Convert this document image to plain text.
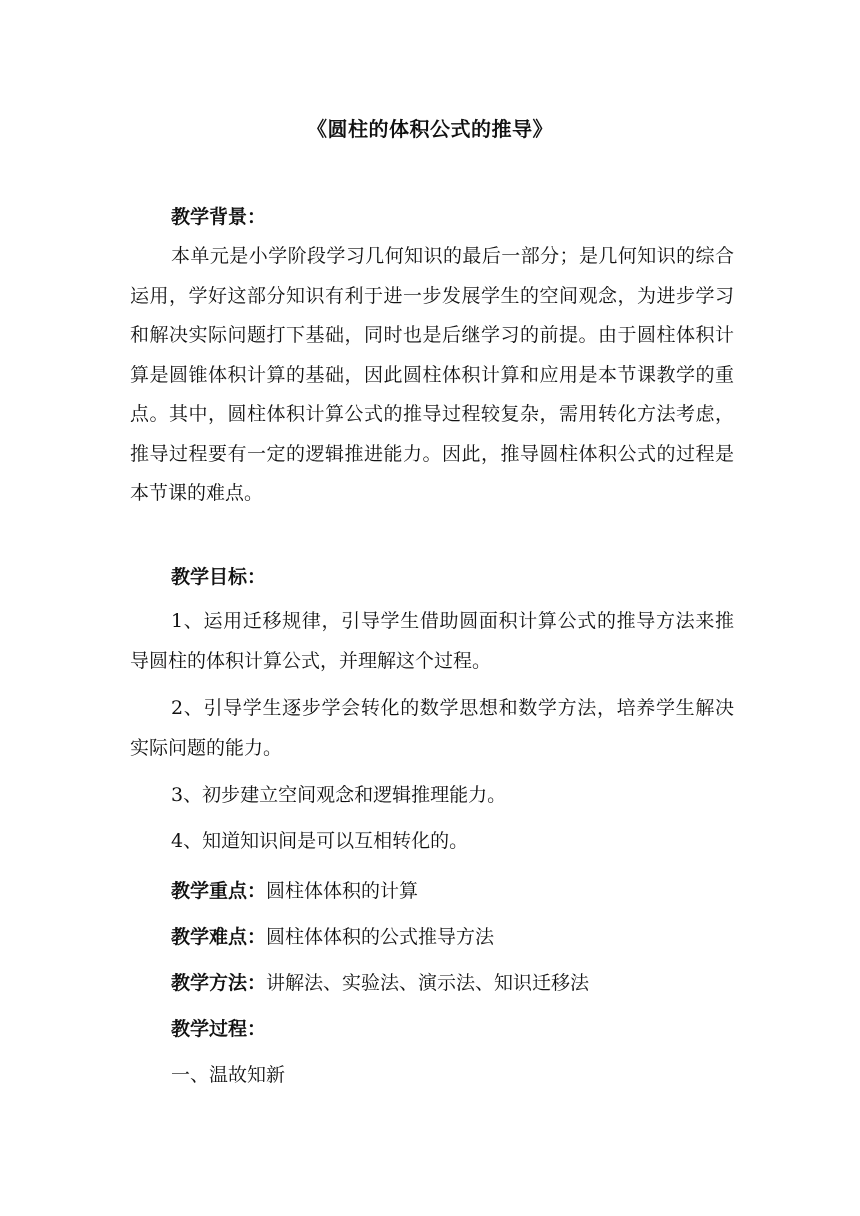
《圆柱的体积公式的推导》
教学背景：

本单元是小学阶段学习几何知识的最后一部分；是几何知识的综合运用，学好这部分知识有利于进一步发展学生的空间观念，为进步学习和解决实际问题打下基础，同时也是后继学习的前提。由于圆柱体积计算是圆锥体积计算的基础，因此圆柱体积计算和应用是本节课教学的重点。其中，圆柱体积计算公式的推导过程较复杂，需用转化方法考虑，推导过程要有一定的逻辑推进能力。因此，推导圆柱体积公式的过程是本节课的难点。

教学目标：

1、运用迁移规律，引导学生借助圆面积计算公式的推导方法来推导圆柱的体积计算公式，并理解这个过程。

2、引导学生逐步学会转化的数学思想和数学方法，培养学生解决实际问题的能力。

3、初步建立空间观念和逻辑推理能力。

4、知道知识间是可以互相转化的。

教学重点：圆柱体体积的计算
教学难点：圆柱体体积的公式推导方法
教学方法：讲解法、实验法、演示法、知识迁移法
教学过程：
一、温故知新
